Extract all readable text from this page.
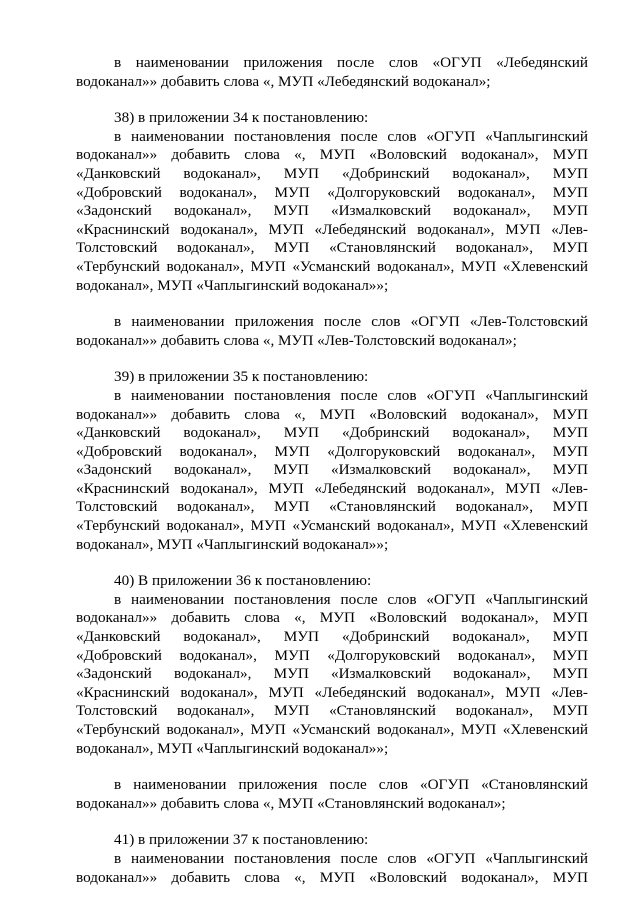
в наименовании приложения после слов «ОГУП «Лебедянский

водоканал»» добавить слова «, МУП «Лебедянский водоканал»;

38) в приложении 34 к постановлению:

в наименовании постановления после слов «ОГУП «Чаплыгинский

водоканал»» добавить слова «, МУП «Воловский водоканал», МУП

«Данковский водоканал», МУП «Добринский водоканал», МУП

«Добровский водоканал», МУП «Долгоруковский водоканал», МУП

«Задонский водоканал», МУП «Измалковский водоканал», МУП

«Краснинский водоканал», МУП «Лебедянский водоканал», МУП «Лев-

Толстовский водоканал», МУП «Становлянский водоканал», МУП

«Тербунский водоканал», МУП «Усманский водоканал», МУП «Хлевенский

водоканал», МУП «Чаплыгинский водоканал»»;

в наименовании приложения после слов «ОГУП «Лев-Толстовский

водоканал»» добавить слова «, МУП «Лев-Толстовский водоканал»;

39) в приложении 35 к постановлению:

в наименовании постановления после слов «ОГУП «Чаплыгинский

водоканал»» добавить слова «, МУП «Воловский водоканал», МУП

«Данковский водоканал», МУП «Добринский водоканал», МУП

«Добровский водоканал», МУП «Долгоруковский водоканал», МУП

«Задонский водоканал», МУП «Измалковский водоканал», МУП

«Краснинский водоканал», МУП «Лебедянский водоканал», МУП «Лев-

Толстовский водоканал», МУП «Становлянский водоканал», МУП

«Тербунский водоканал», МУП «Усманский водоканал», МУП «Хлевенский

водоканал», МУП «Чаплыгинский водоканал»»;

40) В приложении 36 к постановлению:

в наименовании постановления после слов «ОГУП «Чаплыгинский

водоканал»» добавить слова «, МУП «Воловский водоканал», МУП

«Данковский водоканал», МУП «Добринский водоканал», МУП

«Добровский водоканал», МУП «Долгоруковский водоканал», МУП

«Задонский водоканал», МУП «Измалковский водоканал», МУП

«Краснинский водоканал», МУП «Лебедянский водоканал», МУП «Лев-

Толстовский водоканал», МУП «Становлянский водоканал», МУП

«Тербунский водоканал», МУП «Усманский водоканал», МУП «Хлевенский

водоканал», МУП «Чаплыгинский водоканал»»;

в наименовании приложения после слов «ОГУП «Становлянский

водоканал»» добавить слова «, МУП «Становлянский водоканал»;

41) в приложении 37 к постановлению:

в наименовании постановления после слов «ОГУП «Чаплыгинский

водоканал»» добавить слова «, МУП «Воловский водоканал», МУП
